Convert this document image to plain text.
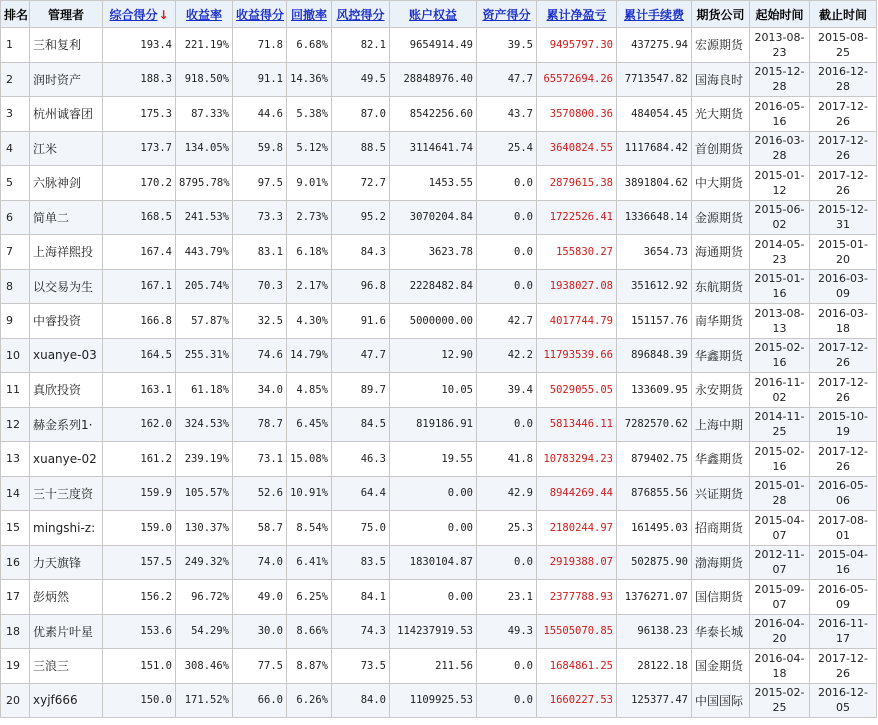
排名	管理者	综合得分↓	收益率	收益得分	回撤率	风控得分	账户权益	资产得分	累计净盈亏	累计手续费	期货公司	起始时间	截止时间
1	三和复利	193.4	221.19%	71.8	6.68%	82.1	9654914.49	39.5	9495797.30	437275.94	宏源期货	2013-08-23	2015-08-25
2	润时资产	188.3	918.50%	91.1	14.36%	49.5	28848976.40	47.7	65572694.26	7713547.82	国海良时	2015-12-28	2016-12-28
3	杭州诚睿团	175.3	87.33%	44.6	5.38%	87.0	8542256.60	43.7	3570800.36	484054.45	光大期货	2016-05-16	2017-12-26
4	江米	173.7	134.05%	59.8	5.12%	88.5	3114641.74	25.4	3640824.55	1117684.42	首创期货	2016-03-28	2017-12-26
5	六脉神剑	170.2	8795.78%	97.5	9.01%	72.7	1453.55	0.0	2879615.38	3891804.62	中大期货	2015-01-12	2017-12-26
6	简单二	168.5	241.53%	73.3	2.73%	95.2	3070204.84	0.0	1722526.41	1336648.14	金源期货	2015-06-02	2015-12-31
7	上海祥熙投	167.4	443.79%	83.1	6.18%	84.3	3623.78	0.0	155830.27	3654.73	海通期货	2014-05-23	2015-01-20
8	以交易为生	167.1	205.74%	70.3	2.17%	96.8	2228482.84	0.0	1938027.08	351612.92	东航期货	2015-01-16	2016-03-09
9	中睿投资	166.8	57.87%	32.5	4.30%	91.6	5000000.00	42.7	4017744.79	151157.76	南华期货	2013-08-13	2016-03-18
10	xuanye-03	164.5	255.31%	74.6	14.79%	47.7	12.90	42.2	11793539.66	896848.39	华鑫期货	2015-02-16	2017-12-26
11	真欣投资	163.1	61.18%	34.0	4.85%	89.7	10.05	39.4	5029055.05	133609.95	永安期货	2016-11-02	2017-12-26
12	赫金系列1·	162.0	324.53%	78.7	6.45%	84.5	819186.91	0.0	5813446.11	7282570.62	上海中期	2014-11-25	2015-10-19
13	xuanye-02	161.2	239.19%	73.1	15.08%	46.3	19.55	41.8	10783294.23	879402.75	华鑫期货	2015-02-16	2017-12-26
14	三十三度资	159.9	105.57%	52.6	10.91%	64.4	0.00	42.9	8944269.44	876855.56	兴证期货	2015-01-28	2016-05-06
15	mingshi-z:	159.0	130.37%	58.7	8.54%	75.0	0.00	25.3	2180244.97	161495.03	招商期货	2015-04-07	2017-08-01
16	力天旗锋	157.5	249.32%	74.0	6.41%	83.5	1830104.87	0.0	2919388.07	502875.90	渤海期货	2012-11-07	2015-04-16
17	彭炳然	156.2	96.72%	49.0	6.25%	84.1	0.00	23.1	2377788.93	1376271.07	国信期货	2015-09-07	2016-05-09
18	优素片叶星	153.6	54.29%	30.0	8.66%	74.3	114237919.53	49.3	15505070.85	96138.23	华泰长城	2016-04-20	2016-11-17
19	三浪三	151.0	308.46%	77.5	8.87%	73.5	211.56	0.0	1684861.25	28122.18	国金期货	2016-04-18	2017-12-26
20	xyjf666	150.0	171.52%	66.0	6.26%	84.0	1109925.53	0.0	1660227.53	125377.47	中国国际	2015-02-25	2016-12-05
